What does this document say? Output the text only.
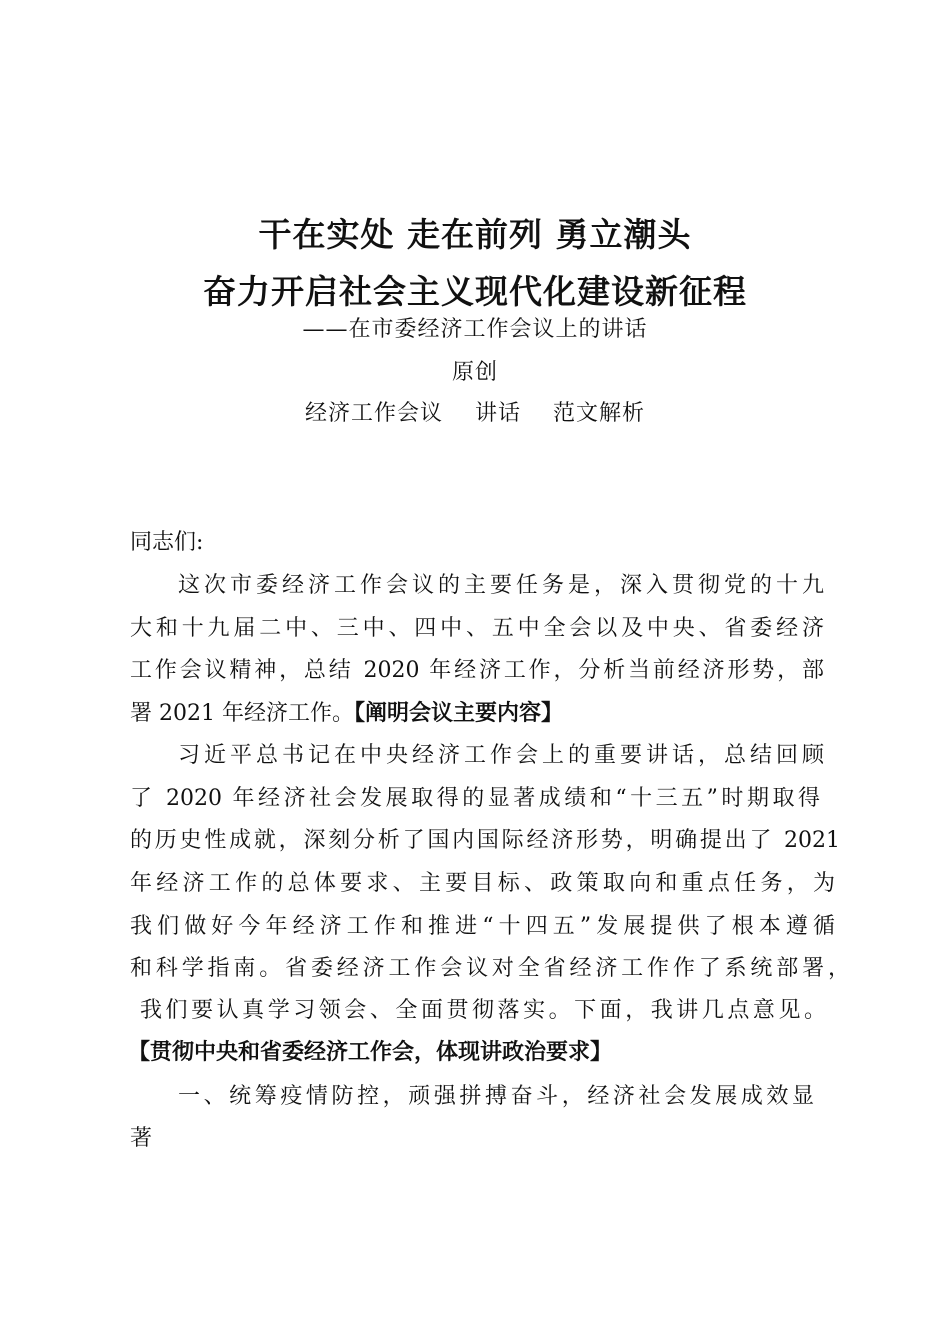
干在实处 走在前列 勇立潮头
奋力开启社会主义现代化建设新征程
——在市委经济工作会议上的讲话
原创
经济工作会议 讲话 范文解析
同志们:
这次市委经济工作会议的主要任务是，深入贯彻党的十九
大和十九届二中、三中、四中、五中全会以及中央、省委经济
工作会议精神，总结 2020 年经济工作，分析当前经济形势，部
署 2021 年经济工作。【阐明会议主要内容】
习近平总书记在中央经济工作会上的重要讲话，总结回顾
了 2020 年经济社会发展取得的显著成绩和“十三五”时期取得
的历史性成就，深刻分析了国内国际经济形势，明确提出了 2021
年经济工作的总体要求、主要目标、政策取向和重点任务，为
我们做好今年经济工作和推进“十四五”发展提供了根本遵循
和科学指南。省委经济工作会议对全省经济工作作了系统部署，
我们要认真学习领会、全面贯彻落实。下面，我讲几点意见。
【贯彻中央和省委经济工作会，体现讲政治要求】
一、统筹疫情防控，顽强拼搏奋斗，经济社会发展成效显
著
